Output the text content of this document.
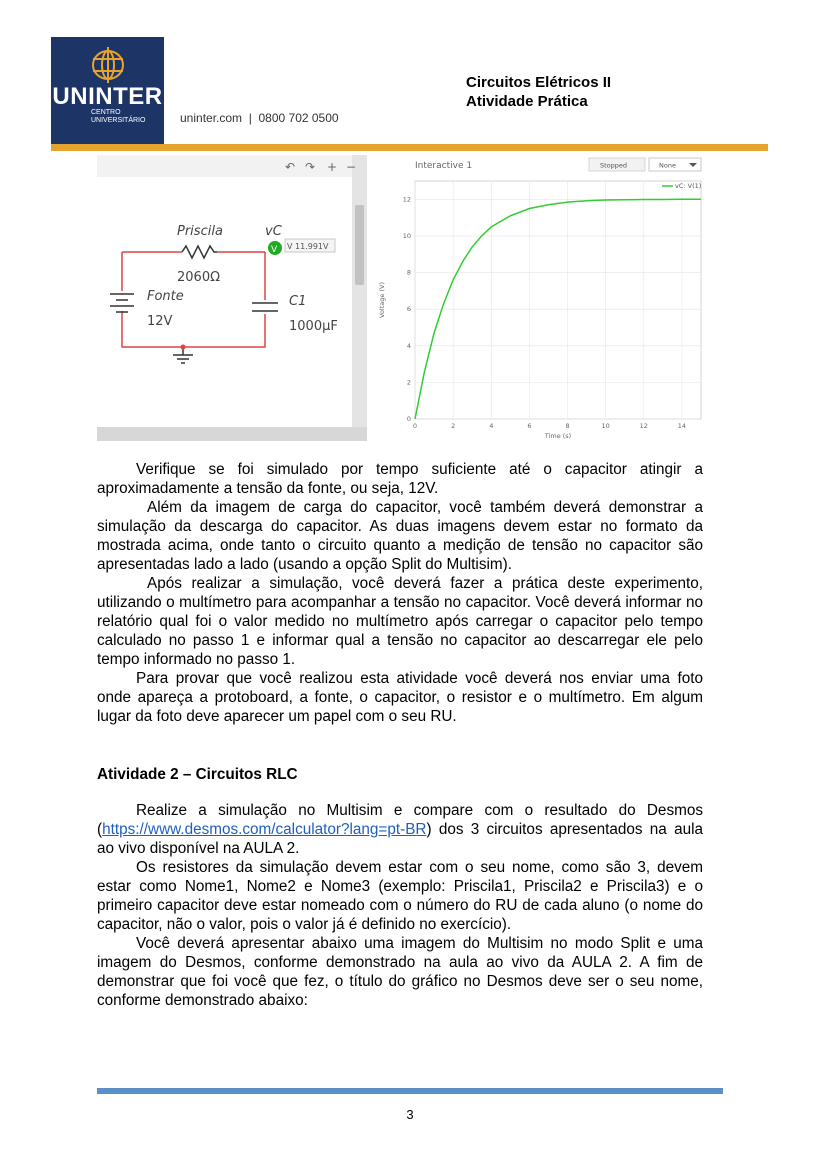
UNINTER
CENTRO
UNIVERSITÁRIO	uninter.com  |  0800 702 0500
Circuitos Elétricos II
Atividade Prática
↶ ↷ + −
V V 11.991V
Priscila
2060Ω
vC
Fonte
12V
C1
1000µF
Interactive 1	Stopped	None
0	2	4	6	8	10	12	14
0
2
4
6
8
10
12
Time (s)
Voltage (V)
vC: V(1)

Verifique se foi simulado por tempo suficiente até o capacitor atingir a aproximadamente a tensão da fonte, ou seja, 12V.

Além da imagem de carga do capacitor, você também deverá demonstrar a simulação da descarga do capacitor. As duas imagens devem estar no formato da mostrada acima, onde tanto o circuito quanto a medição de tensão no capacitor são apresentadas lado a lado (usando a opção Split do Multisim).

Após realizar a simulação, você deverá fazer a prática deste experimento, utilizando o multímetro para acompanhar a tensão no capacitor. Você deverá informar no relatório qual foi o valor medido no multímetro após carregar o capacitor pelo tempo calculado no passo 1 e informar qual a tensão no capacitor ao descarregar ele pelo tempo informado no passo 1.

Para provar que você realizou esta atividade você deverá nos enviar uma foto onde apareça a protoboard, a fonte, o capacitor, o resistor e o multímetro. Em algum lugar da foto deve aparecer um papel com o seu RU.

Atividade 2 – Circuitos RLC

Realize a simulação no Multisim e compare com o resultado do Desmos (https://www.desmos.com/calculator?lang=pt-BR) dos 3 circuitos apresentados na aula ao vivo disponível na AULA 2.

Os resistores da simulação devem estar com o seu nome, como são 3, devem estar como Nome1, Nome2 e Nome3 (exemplo: Priscila1, Priscila2 e Priscila3) e o primeiro capacitor deve estar nomeado com o número do RU de cada aluno (o nome do capacitor, não o valor, pois o valor já é definido no exercício).

Você deverá apresentar abaixo uma imagem do Multisim no modo Split e uma imagem do Desmos, conforme demonstrado na aula ao vivo da AULA 2. A fim de demonstrar que foi você que fez, o título do gráfico no Desmos deve ser o seu nome, conforme demonstrado abaixo:

3
